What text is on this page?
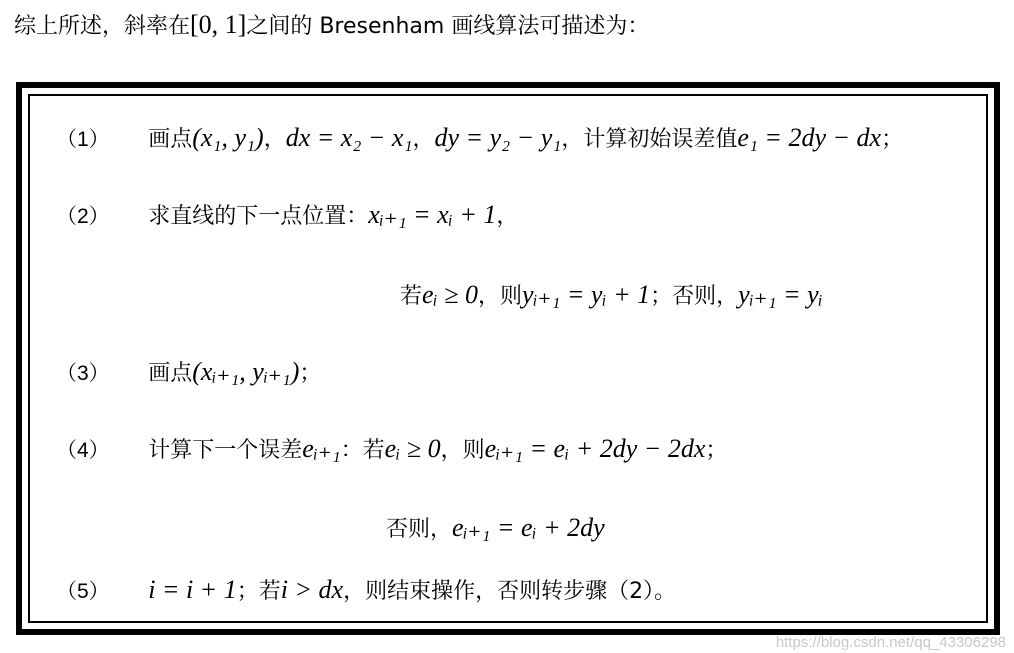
综上所述，斜率在[0, 1]之间的 Bresenham 画线算法可描述为：
（1） 画点(x₁, y₁)，dx = x₂ − x₁，dy = y₂ − y₁，计算初始误差值e₁ = 2dy − dx；
（2） 求直线的下一点位置：xᵢ₊₁ = xᵢ + 1，
若eᵢ ≥ 0，则yᵢ₊₁ = yᵢ + 1；否则，yᵢ₊₁ = yᵢ
（3） 画点(xᵢ₊₁, yᵢ₊₁)；
（4） 计算下一个误差eᵢ₊₁：若eᵢ ≥ 0，则eᵢ₊₁ = eᵢ + 2dy − 2dx；
否则，eᵢ₊₁ = eᵢ + 2dy
（5） i = i + 1；若i > dx，则结束操作，否则转步骤（2）。
https://blog.csdn.net/qq_43306298
